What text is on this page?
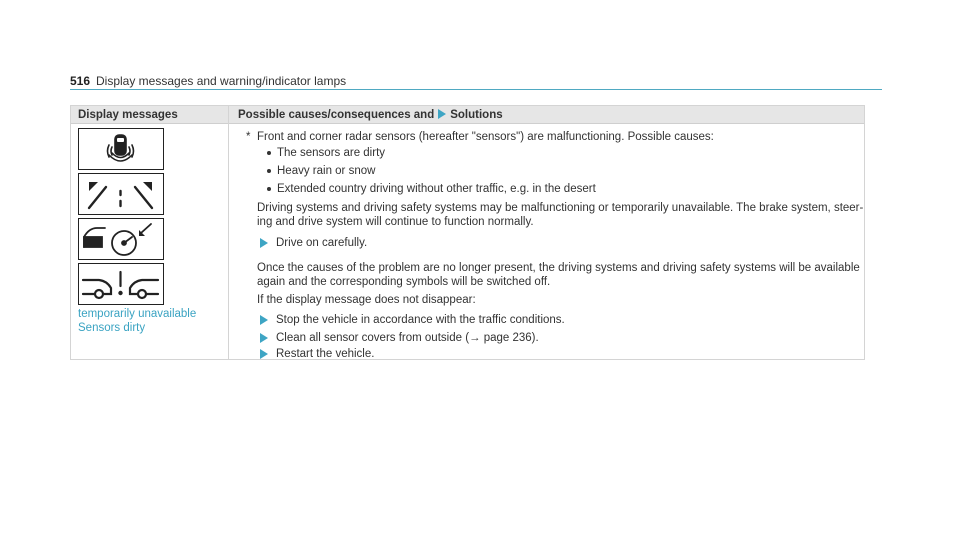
516 Display messages and warning/indicator lamps
Display messages	Possible causes/consequences and Solutions
temporarily unavailable
Sensors dirty
* Front and corner radar sensors (hereafter "sensors") are malfunctioning. Possible causes:
The sensors are dirty
Heavy rain or snow
Extended country driving without other traffic, e.g. in the desert
Driving systems and driving safety systems may be malfunctioning or temporarily unavailable. The brake system, steer-
ing and drive system will continue to function normally.
Drive on carefully.
Once the causes of the problem are no longer present, the driving systems and driving safety systems will be available
again and the corresponding symbols will be switched off.
If the display message does not disappear:
Stop the vehicle in accordance with the traffic conditions.
Clean all sensor covers from outside (→ page 236).
Restart the vehicle.
